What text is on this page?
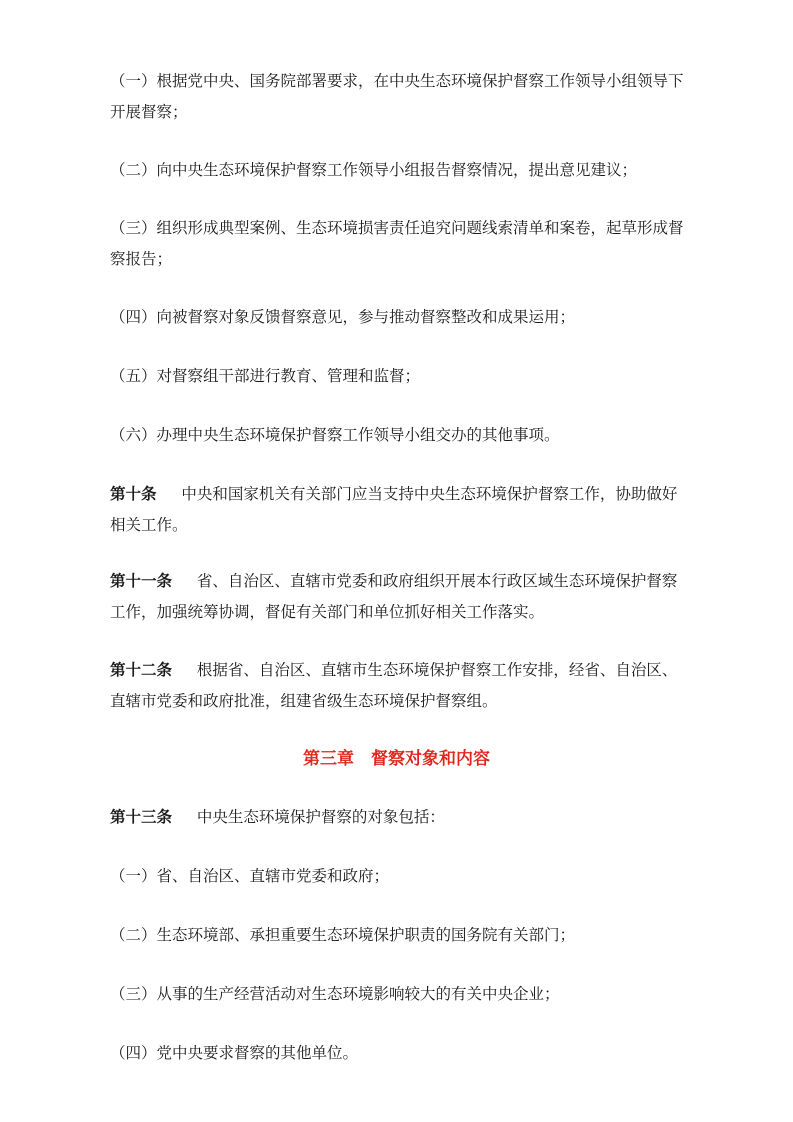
（一）根据党中央、国务院部署要求，在中央生态环境保护督察工作领导小组领导下开展督察；

（二）向中央生态环境保护督察工作领导小组报告督察情况，提出意见建议；

（三）组织形成典型案例、生态环境损害责任追究问题线索清单和案卷，起草形成督察报告；

（四）向被督察对象反馈督察意见，参与推动督察整改和成果运用；

（五）对督察组干部进行教育、管理和监督；

（六）办理中央生态环境保护督察工作领导小组交办的其他事项。

第十条 中央和国家机关有关部门应当支持中央生态环境保护督察工作，协助做好相关工作。

第十一条 省、自治区、直辖市党委和政府组织开展本行政区域生态环境保护督察工作，加强统筹协调，督促有关部门和单位抓好相关工作落实。

第十二条 根据省、自治区、直辖市生态环境保护督察工作安排，经省、自治区、直辖市党委和政府批准，组建省级生态环境保护督察组。

第三章　督察对象和内容

第十三条 中央生态环境保护督察的对象包括：

（一）省、自治区、直辖市党委和政府；

（二）生态环境部、承担重要生态环境保护职责的国务院有关部门；

（三）从事的生产经营活动对生态环境影响较大的有关中央企业；

（四）党中央要求督察的其他单位。
